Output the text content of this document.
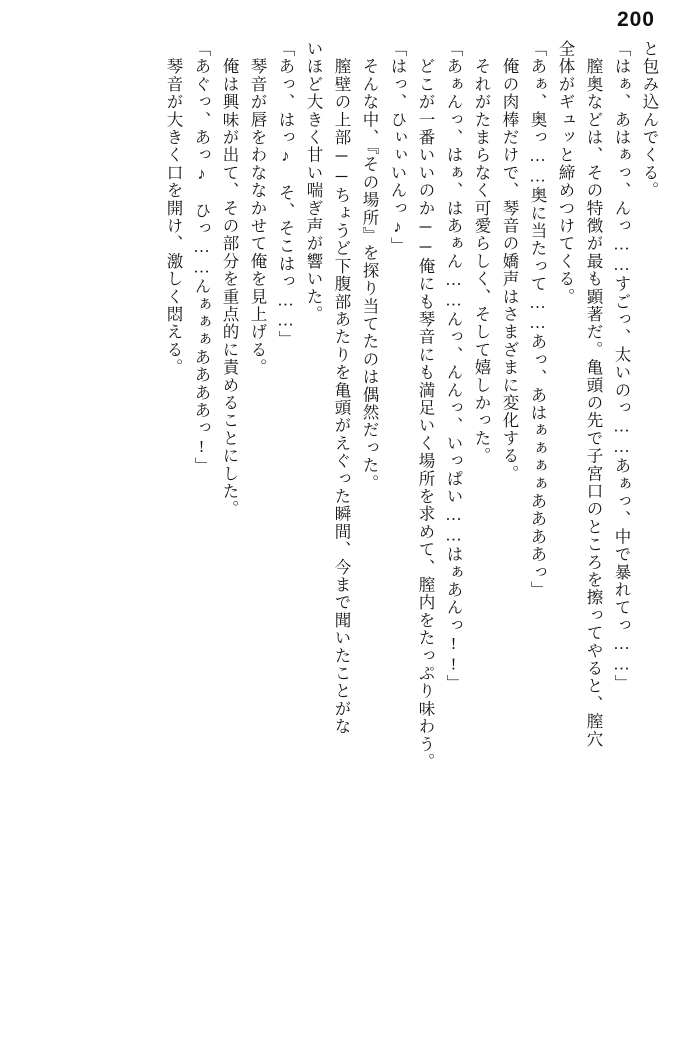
200
と包み込んでくる。
「はぁ、あはぁっ、んっ……すごっ、太いのっ……あぁっ、中で暴れてっ……」
　膣奥などは、その特徴が最も顕著だ。亀頭の先で子宮口のところを擦ってやると、膣穴
全体がギュッと締めつけてくる。
「あぁ、奥っ……奥に当たって……あっ、あはぁぁぁぁああああっ」
　俺の肉棒だけで、琴音の嬌声はさまざまに変化する。
　それがたまらなく可愛らしく、そして嬉しかった。
「あぁんっ、はぁ、はあぁん……んっ、んんっ、いっぱい……はぁあんっ!!」
　どこが一番いいのか──俺にも琴音にも満足いく場所を求めて、膣内をたっぷり味わう。
「はっ、ひぃぃいんっ♪」
　そんな中、『その場所』を探り当てたのは偶然だった。
　膣壁の上部──ちょうど下腹部あたりを亀頭がえぐった瞬間、今まで聞いたことがな
いほど大きく甘い喘ぎ声が響いた。
「あっ、はっ♪　そ、そこはっ……」
　琴音が唇をわななかせて俺を見上げる。
　俺は興味が出て、その部分を重点的に責めることにした。
「あぐっ、あっ♪　ひっ……んぁぁぁああああっ!」
　琴音が大きく口を開け、激しく悶える。
